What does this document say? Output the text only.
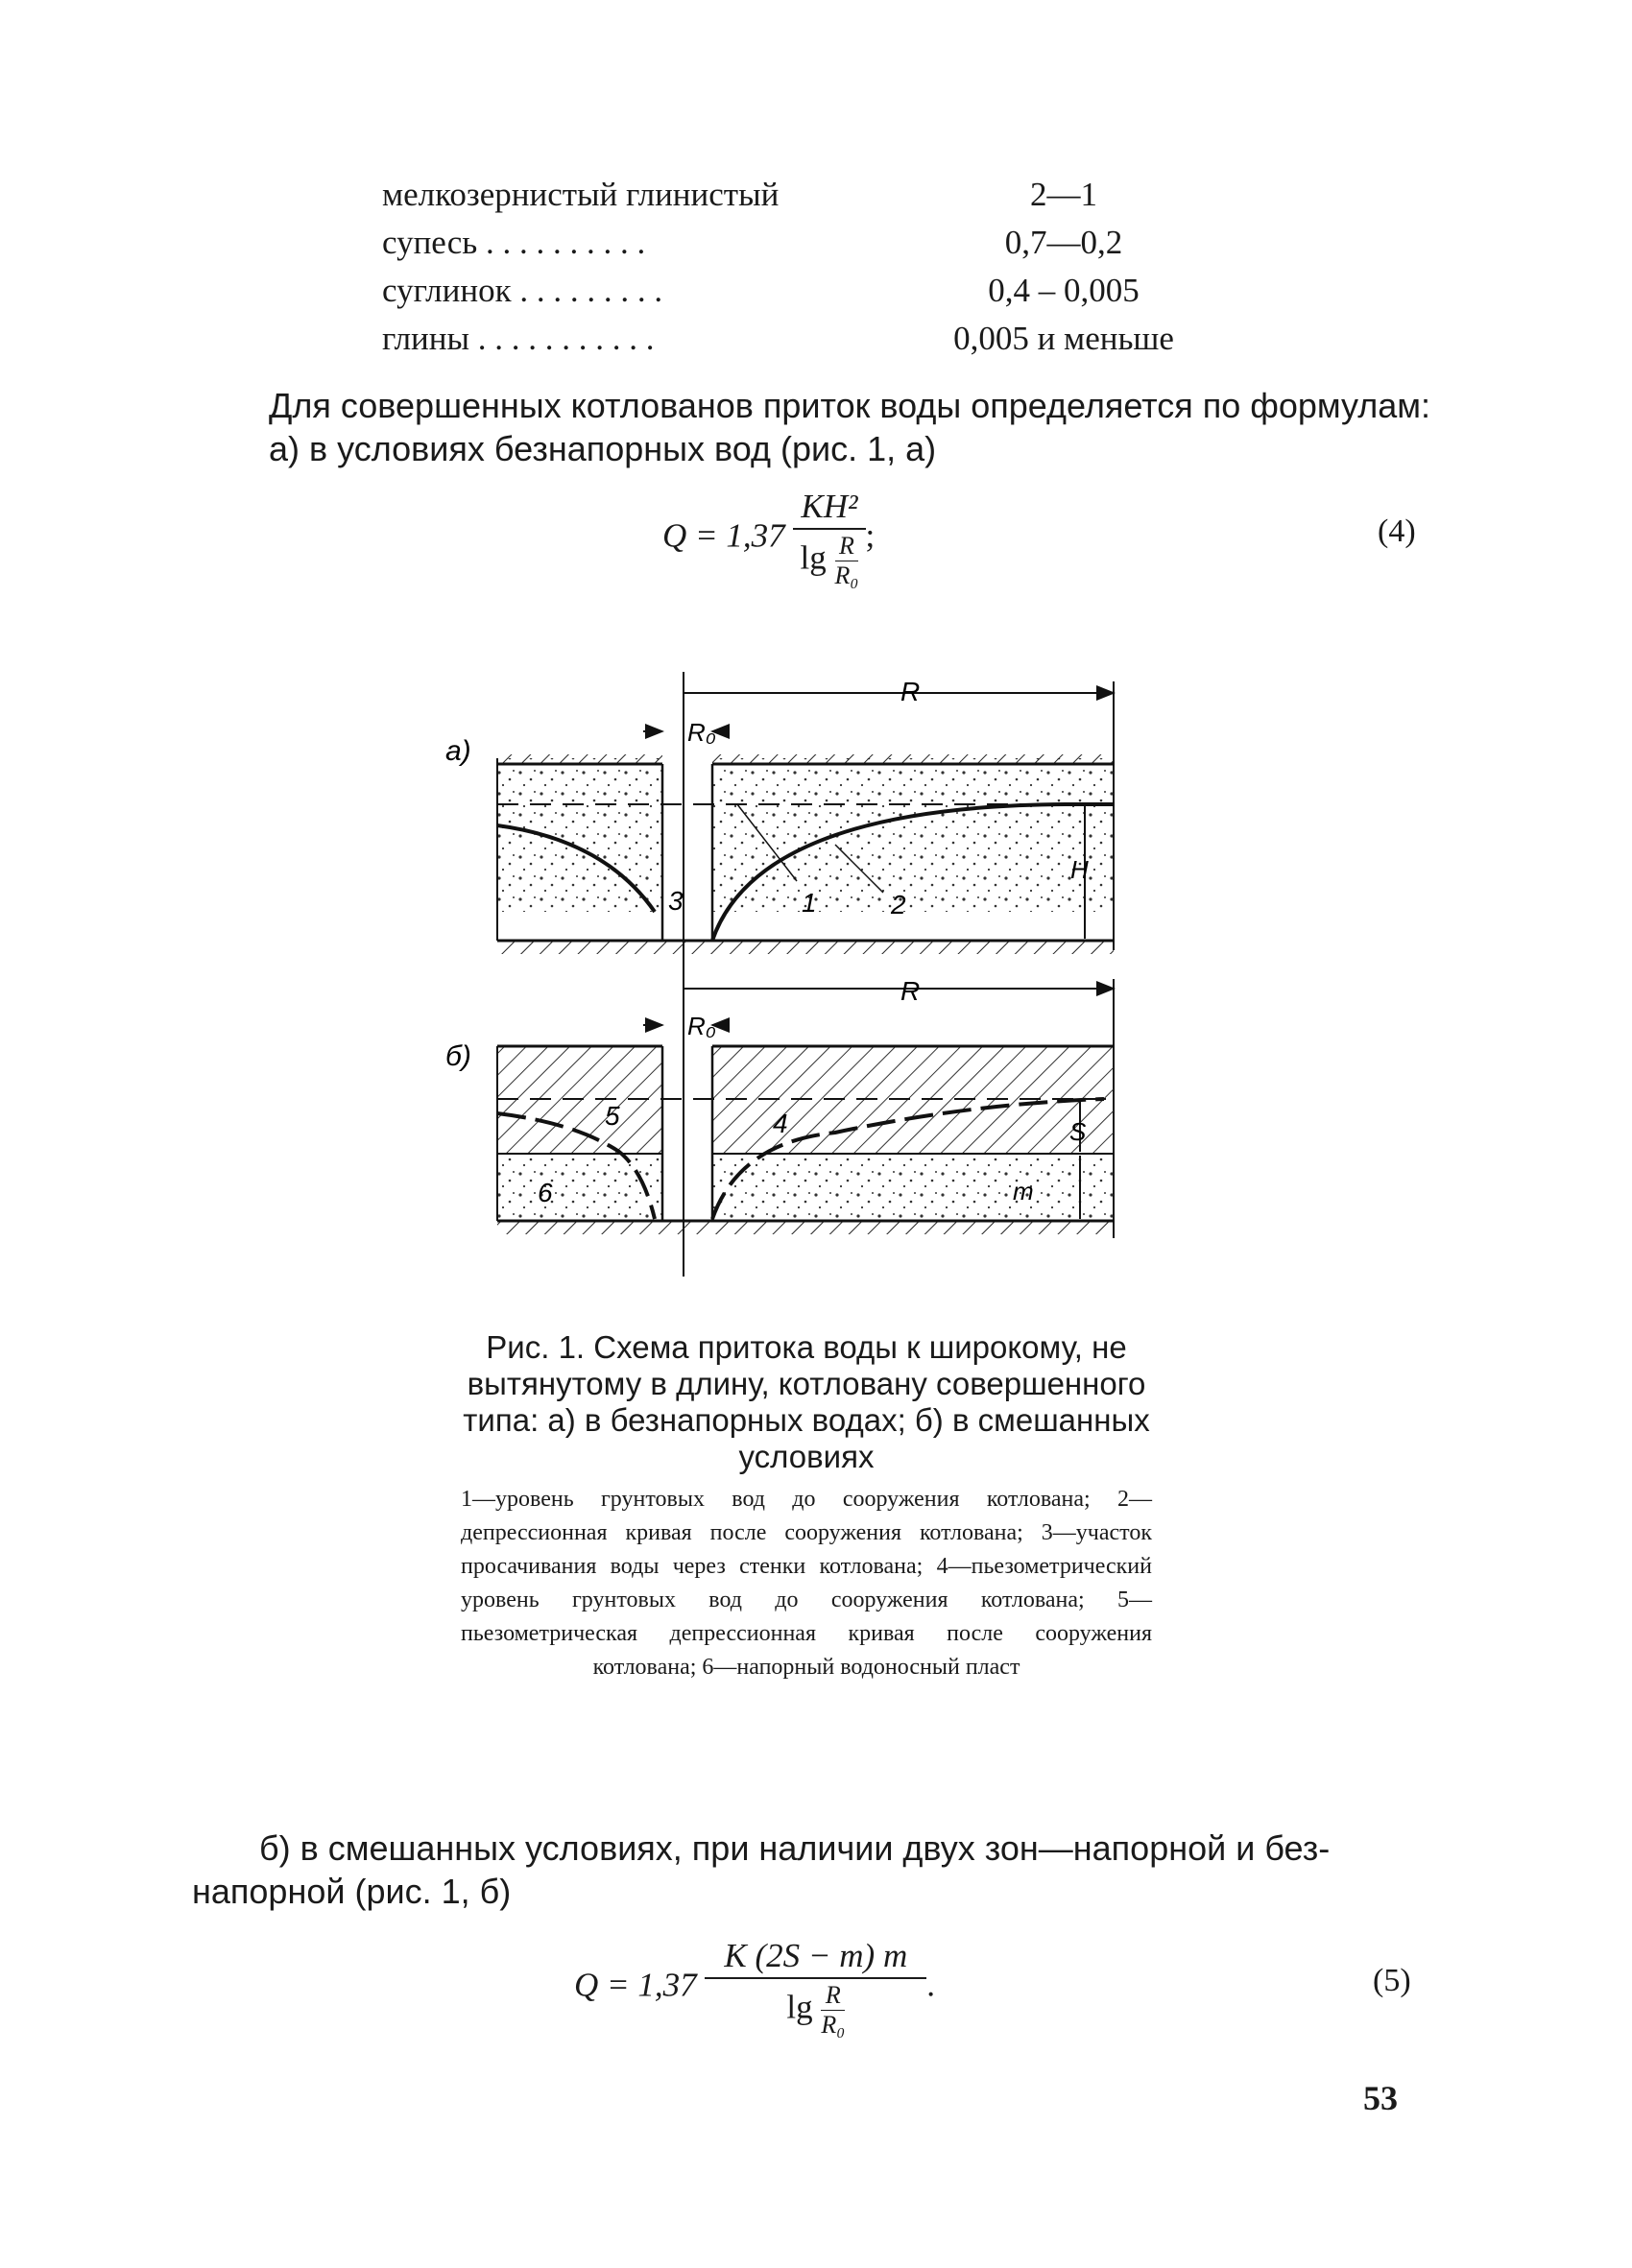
мелкозернистый глинистый	2—1
супесь . . . . . . . . . .	0,7—0,2
суглинок . . . . . . . . .	0,4 – 0,005
глины . . . . . . . . . . .	0,005 и меньше
Для совершенных котлованов приток воды определяется по формулам:
а) в условиях безнапорных вод (рис. 1, а)
$Q = 1,37 \frac{\text{KH²}}{\lg \frac{R}{\text{R₀}}}$ ;	(4)
а)
R
R₀
H
1	2
3
б)
R
R₀
S
m
4
5
6
Рис. 1. Схема притока воды к широкому, не вытянутому в длину, котловану совершенного типа: а) в безнапорных водах; б) в смешанных условиях
1—уровень грунтовых вод до сооружения котлована; 2—депрессионная кривая после сооружения котлована; 3—участок просачивания воды через стенки котлована; 4—пьезометрический уровень грунтовых вод до сооружения котлована; 5—пьезометрическая депрессионная кривая после сооружения котлована; 6—напорный водоносный пласт
б) в смешанных условиях, при наличии двух зон—напорной и без-
напорной (рис. 1, б)
$Q = 1,37 \frac{K (2S - m) m}{\lg \frac{R}{\text{R₀}}}$ .	(5)
53
